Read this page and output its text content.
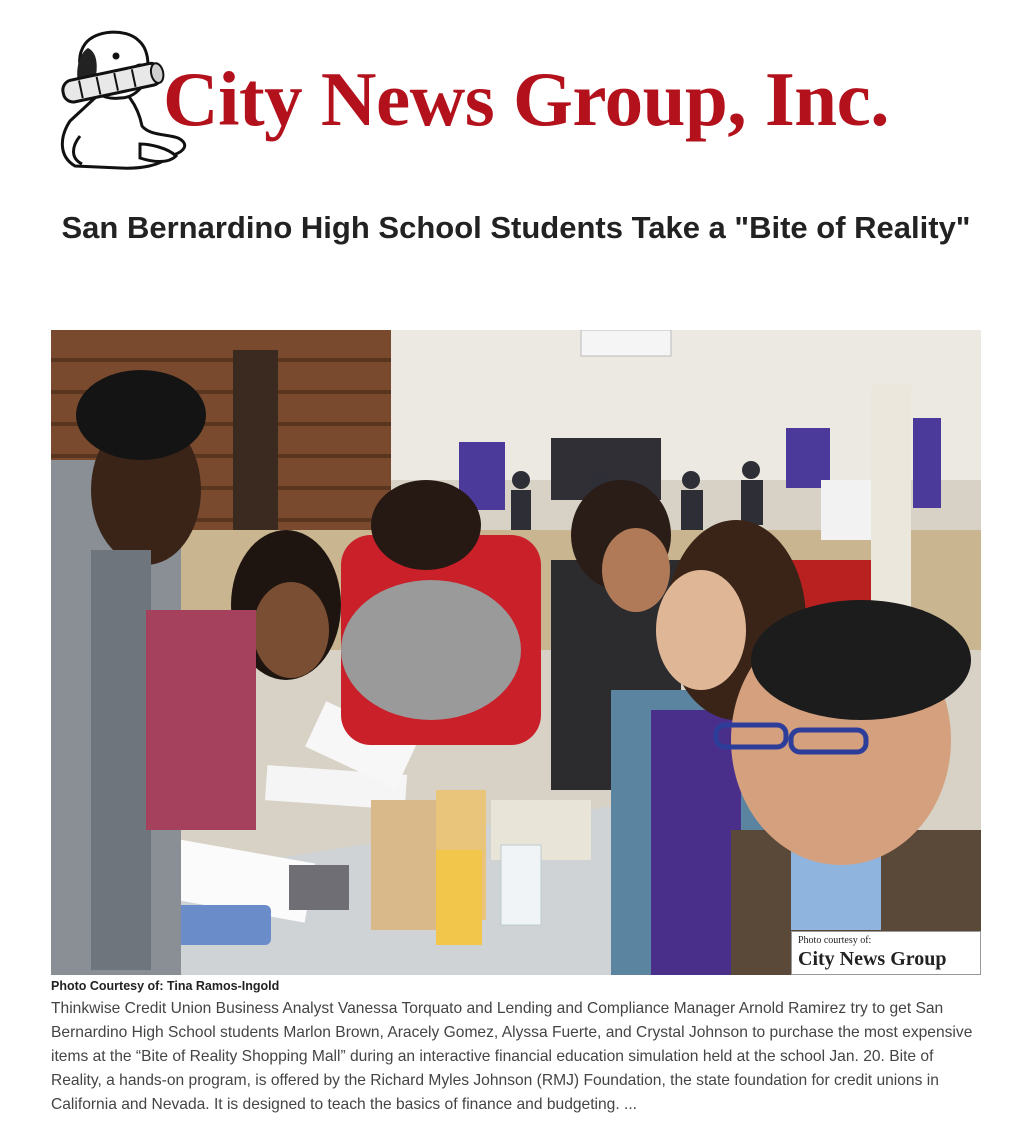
City News Group, Inc.
San Bernardino High School Students Take a "Bite of Reality"
Photo courtesy of:
City News Group

Photo Courtesy of: Tina Ramos-Ingold

Thinkwise Credit Union Business Analyst Vanessa Torquato and Lending and Compliance Manager Arnold Ramirez try to get San Bernardino High School students Marlon Brown, Aracely Gomez, Alyssa Fuerte, and Crystal Johnson to purchase the most expensive items at the “Bite of Reality Shopping Mall” during an interactive financial education simulation held at the school Jan. 20. Bite of Reality, a hands-on program, is offered by the Richard Myles Johnson (RMJ) Foundation, the state foundation for credit unions in California and Nevada. It is designed to teach the basics of finance and budgeting. ...
